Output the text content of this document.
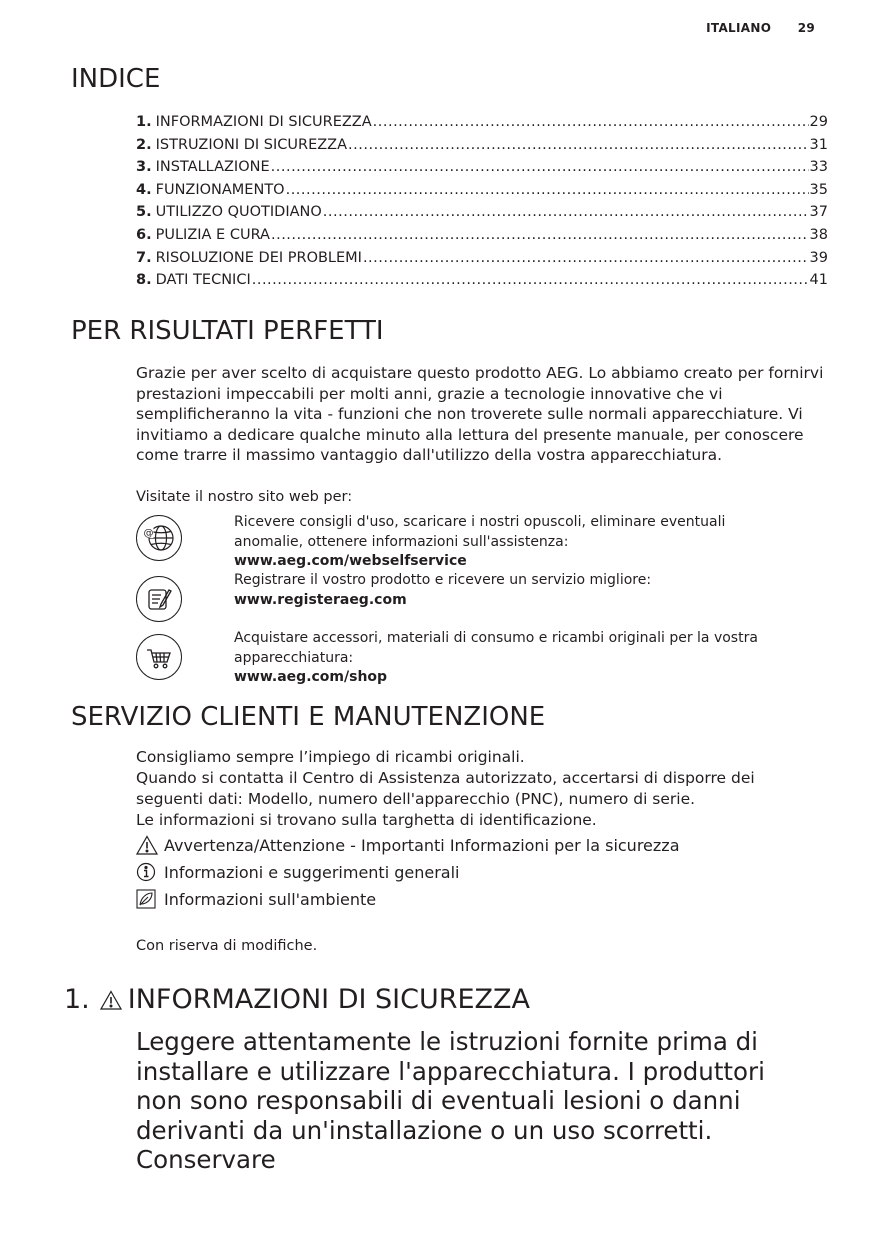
ITALIANO 29
INDICE
1. INFORMAZIONI DI SICUREZZA .....	29
2. ISTRUZIONI DI SICUREZZA .....	31
3. INSTALLAZIONE .....	33
4. FUNZIONAMENTO .....	35
5. UTILIZZO QUOTIDIANO .....	37
6. PULIZIA E CURA .....	38
7. RISOLUZIONE DEI PROBLEMI .....	39
8. DATI TECNICI .....	41
PER RISULTATI PERFETTI

Grazie per aver scelto di acquistare questo prodotto AEG. Lo abbiamo creato per fornirvi prestazioni impeccabili per molti anni, grazie a tecnologie innovative che vi semplificheranno la vita - funzioni che non troverete sulle normali apparecchiature. Vi invitiamo a dedicare qualche minuto alla lettura del presente manuale, per conoscere come trarre il massimo vantaggio dall'utilizzo della vostra apparecchiatura.

Visitate il nostro sito web per:

@
Ricevere consigli d'uso, scaricare i nostri opuscoli, eliminare eventuali anomalie, ottenere informazioni sull'assistenza:
www.aeg.com/webselfservice
Registrare il vostro prodotto e ricevere un servizio migliore:
www.registeraeg.com
Acquistare accessori, materiali di consumo e ricambi originali per la vostra apparecchiatura:
www.aeg.com/shop
SERVIZIO CLIENTI E MANUTENZIONE

Consigliamo sempre l’impiego di ricambi originali.

Quando si contatta il Centro di Assistenza autorizzato, accertarsi di disporre dei seguenti dati: Modello, numero dell'apparecchio (PNC), numero di serie.

Le informazioni si trovano sulla targhetta di identificazione.

Avvertenza/Attenzione - Importanti Informazioni per la sicurezza
Informazioni e suggerimenti generali
Informazioni sull'ambiente
Con riserva di modifiche.
1. INFORMAZIONI DI SICUREZZA

Leggere attentamente le istruzioni fornite prima di installare e utilizzare l'apparecchiatura. I produttori non sono responsabili di eventuali lesioni o danni derivanti da un'installazione o un uso scorretti. Conservare
